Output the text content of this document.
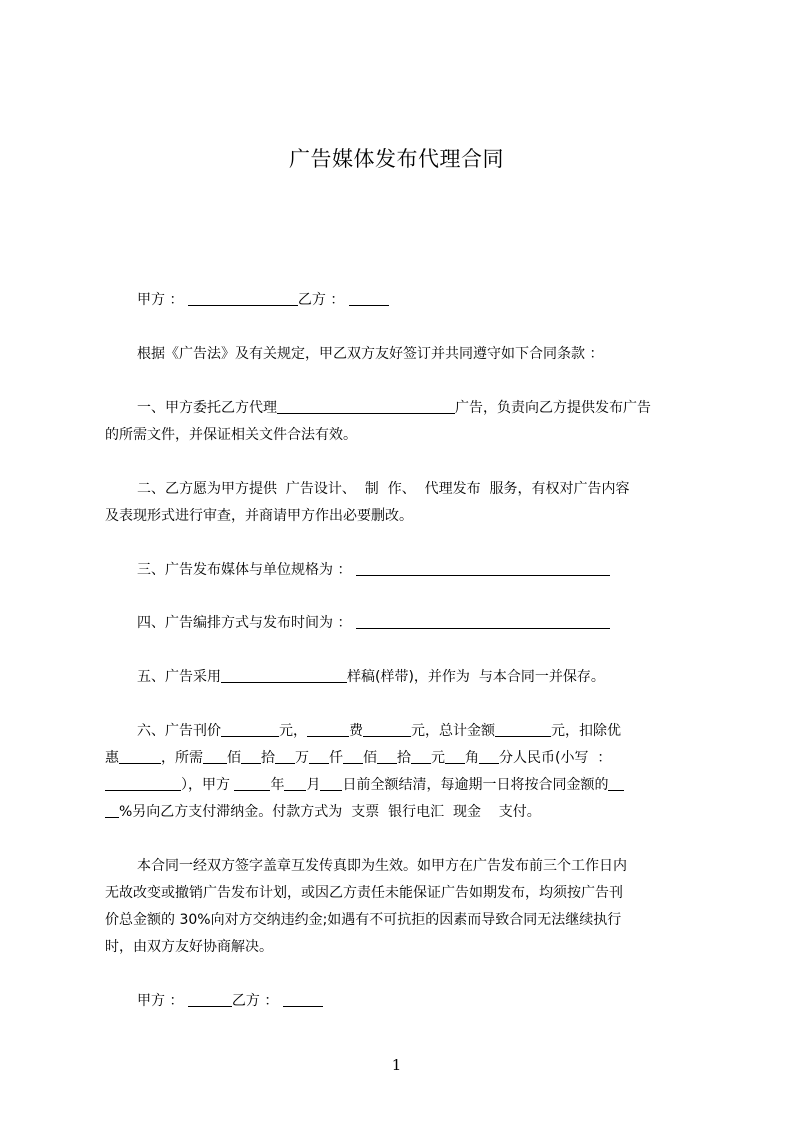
广告媒体发布代理合同
甲方 ：	乙方 ：
根据《广告法》及有关规定，甲乙双方友好签订并共同遵守如下合同条款 ：
一、甲方委托乙方代理	广告，负责向乙方提供发布广告
的所需文件，并保证相关文件合法有效。
二、乙方愿为甲方提供  广告设计、  制  作、  代理发布  服务，有权对广告内容
及表现形式进行审查，并商请甲方作出必要删改。
三、广告发布媒体与单位规格为 ：
四、广告编排方式与发布时间为 ：
五、广告采用	样稿(样带)，并作为  与本合同一并保存。
六、广告刊价	元，	费	元，总计金额	元，扣除优
惠	，所需 佰 拾 万 仟 佰 拾 元 角 分人民币(小写  ：
），甲方	年 月 日前全额结清，每逾期一日将按合同金额的
%另向乙方支付滞纳金。付款方式为  支票  银行电汇  现金    支付。
本合同一经双方签字盖章互发传真即为生效。如甲方在广告发布前三个工作日内
无故改变或撤销广告发布计划，或因乙方责任未能保证广告如期发布，均须按广告刊
价总金额的 30%向对方交纳违约金;如遇有不可抗拒的因素而导致合同无法继续执行
时，由双方友好协商解决。
甲方 ：	乙方 ：
1
